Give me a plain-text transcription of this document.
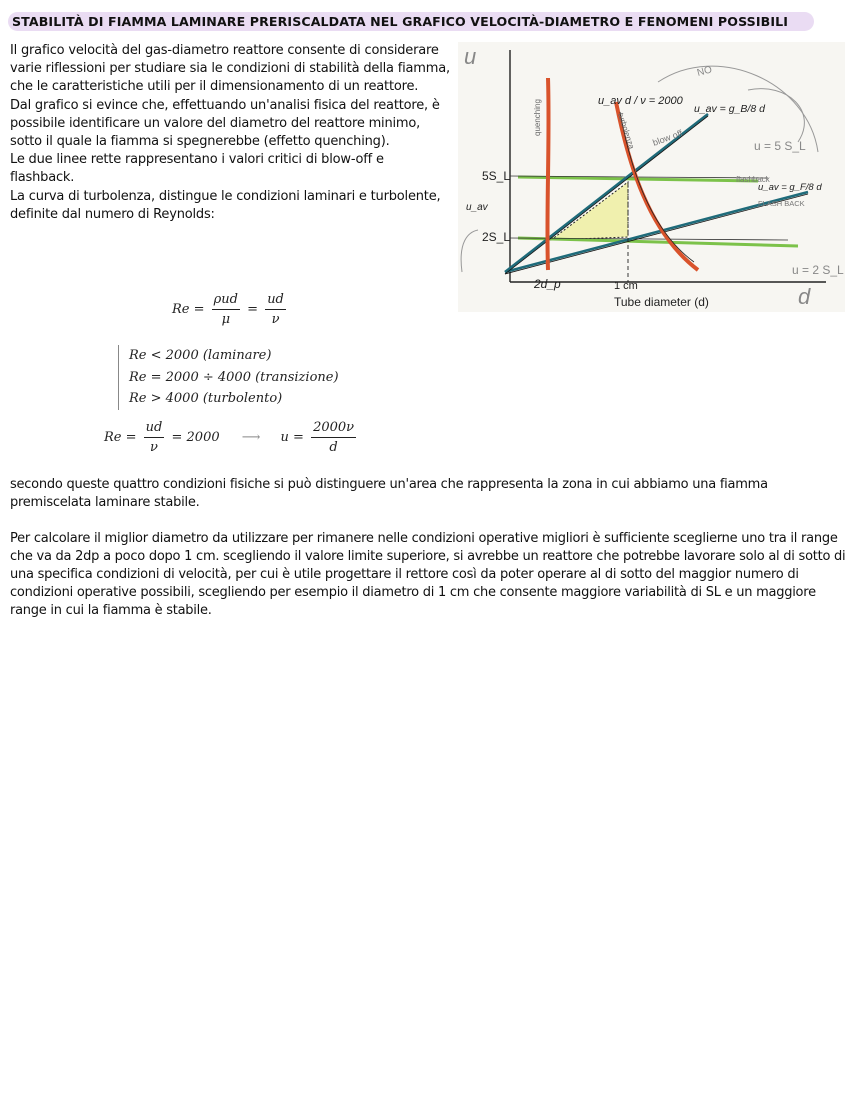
STABILITÀ DI FIAMMA LAMINARE PRERISCALDATA NEL GRAFICO VELOCITÀ-DIAMETRO E FENOMENI POSSIBILI

Il grafico velocità del gas-diametro reattore consente di considerare varie riflessioni per studiare sia le condizioni di stabilità della fiamma, che le caratteristiche utili per il dimensionamento di un reattore.

Dal grafico si evince che, effettuando un'analisi fisica del reattore, è possibile identificare un valore del diametro del reattore minimo, sotto il quale la fiamma si spegnerebbe (effetto quenching).

Le due linee rette rappresentano i valori critici di blow-off e flashback.

La curva di turbolenza, distingue le condizioni laminari e turbolente, definite dal numero di Reynolds:

u
d
u_av
5S_L
2S_L
2d_p	1 cm
Tube diameter (d)
u_av d / ν = 2000
u_av = g_B/8 d
u_av = g_F/8 d
quenching	turbolenza blow off
flashback
FLASH BACK
u = 5 S_L
u = 2 S_L
NO
$Re = \frac{\text{ρud}}{\mu} = \frac{ud}{\nu}$
Re < 2000 (laminare)
Re = 2000 ÷ 4000 (transizione)
Re > 4000 (turbolento)
$Re = \frac{ud}{\nu} = 2000$ ⟶ $u = \frac{2000\nu}{d}$

secondo queste quattro condizioni fisiche si può distinguere un'area che rappresenta la zona in cui abbiamo una fiamma premiscelata laminare stabile.

Per calcolare il miglior diametro da utilizzare per rimanere nelle condizioni operative migliori è sufficiente sceglierne uno tra il range che va da 2dp a poco dopo 1 cm. scegliendo il valore limite superiore, si avrebbe un reattore che potrebbe lavorare solo al di sotto di una specifica condizioni di velocità, per cui è utile progettare il rettore così da poter operare al di sotto del maggior numero di condizioni operative possibili, scegliendo per esempio il diametro di 1 cm che consente maggiore variabilità di SL e un maggiore range in cui la fiamma è stabile.
